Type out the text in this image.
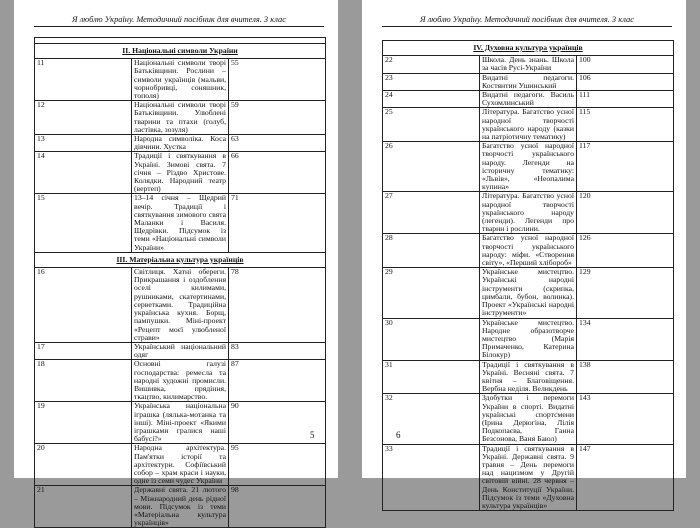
Я люблю Україну. Методичний посібник для вчителя. 3 клас

ІІ. Національні символи України		
11	Національні символи творі Батьківщини. Рослини – символи українців (мальви, чорнобривці, соняшник, тополя)	55
12	Національні символи творі Батьківщини. Улюблені тварини та птахи (голуб, ластівка, зозуля)	59
13	Народна символіка. Коса дівчини. Хустка	63
14	Традиції і святкування в Україні. Зимові свята. 7 січня – Різдво Христове. Колядки. Народний театр (вертеп)	66
15	13–14 січня – Щедрий вечір. Традиції і святкування зимового свята Маланки і Василя. Щедрівки. Підсумок із теми «Національні символи України»	71
ІІІ. Матеріальна культура українців		
16	Світлиця. Хатні обереги. Прикрашання і оздоблення оселі килимами, рушниками, скатертинами, серветками. Традиційна українська кухня. Борщ, пампушки. Міні-проект «Рецепт моєї улюбленої страви»	78
17	Український національний одяг	83
18	Основні галузі господарства: ремесла та народні художні промисли. Вишивка, прядіння, ткацтво, килимарство.	87
19	Українська національна іграшка (лялька-мотанка та інші). Міні-проект «Якими іграшками гралися наші бабусі?»	90
20	Народна архітектура. Пам'ятки історії та архітектури. Софіївський собор – храм краси і науки, одне із семи чудес України	95
21	Державні свята. 21 лютого – Міжнародний день рідної мови. Підсумок із теми «Матеріальна культура українців»	98
5
Я люблю Україну. Методичний посібник для вчителя. 3 клас
IV. Духовна культура українців		
22	Школа. День знань. Школа за часів Русі-України	100
23	Видатні педагоги. Костянтин Ушинський	106
24	Видатні педагоги. Василь Сухомлинський	111
25	Література. Багатство усної народної творчості українського народу (казки на патріотичну тематику)	115
26	Багатство усної народної творчості українського народу. Легенди на історичну тематику: «Львів», «Неопалима купина»	117
27	Література. Багатство усної народної творчості українського народу (легенди). Легенди про тварин і рослини.	120
28	Багатство усної народної творчості українського народу: міфи. «Створення світу», «Перший хлібороб»	126
29	Українське мистецтво. Українські народні інструменти (скрипка, цимбали, бубон, волинка). Проект «Українські народні інструменти»	129
30	Українське мистецтво. Народне образотворче мистецтво (Марія Примаченко, Катерина Білокур)	134
31	Традиції і святкування в Україні. Весняні свята. 7 квітня – Благовіщення. Вербна неділя. Великдень	138
32	Здобутки і перемоги України в спорті. Видатні українські спортсмени (Ірина Дерюгіна, Лілія Подкопаєва, Ганна Безсонова, Ваня Баюл)	143
33	Традиції і святкування в Україні. Державні свята. 9 травня – День перемоги над нацизмом у Другій світовій війні. 28 червня – День Конституції України. Підсумок із теми «Духовна культура українців»	147
6
